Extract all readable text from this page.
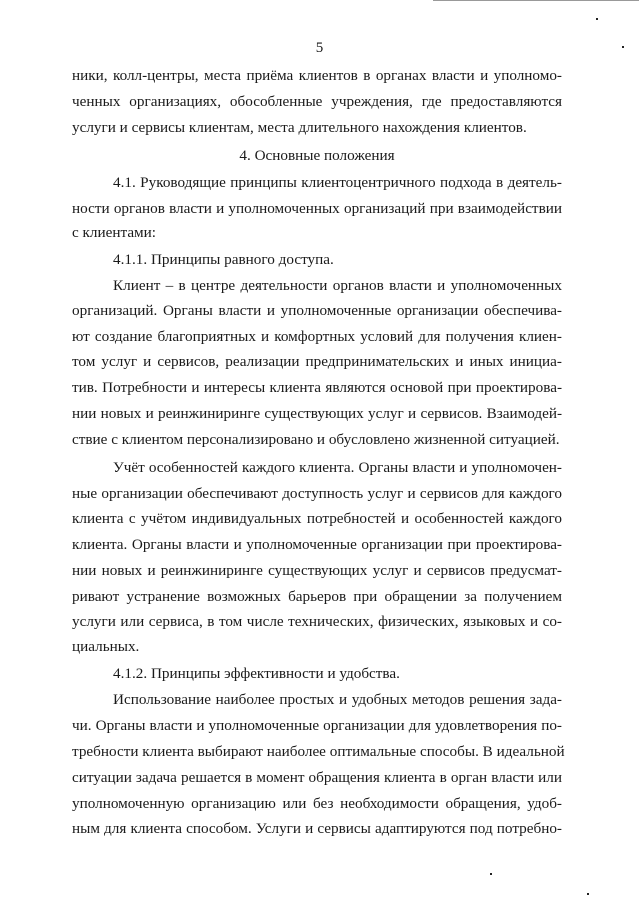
5
ники, колл-центры, места приёма клиентов в органах власти и уполномо-
ченных организациях, обособленные учреждения, где предоставляются
услуги и сервисы клиентам, места длительного нахождения клиентов.
4. Основные положения
4.1. Руководящие принципы клиентоцентричного подхода в деятель-
ности органов власти и уполномоченных организаций при взаимодействии
с клиентами:
4.1.1. Принципы равного доступа.
Клиент – в центре деятельности органов власти и уполномоченных
организаций. Органы власти и уполномоченные организации обеспечива-
ют создание благоприятных и комфортных условий для получения клиен-
том услуг и сервисов, реализации предпринимательских и иных инициа-
тив. Потребности и интересы клиента являются основой при проектирова-
нии новых и реинжиниринге существующих услуг и сервисов. Взаимодей-
ствие с клиентом персонализировано и обусловлено жизненной ситуацией.
Учёт особенностей каждого клиента. Органы власти и уполномочен-
ные организации обеспечивают доступность услуг и сервисов для каждого
клиента с учётом индивидуальных потребностей и особенностей каждого
клиента. Органы власти и уполномоченные организации при проектирова-
нии новых и реинжиниринге существующих услуг и сервисов предусмат-
ривают устранение возможных барьеров при обращении за получением
услуги или сервиса, в том числе технических, физических, языковых и со-
циальных.
4.1.2. Принципы эффективности и удобства.
Использование наиболее простых и удобных методов решения зада-
чи. Органы власти и уполномоченные организации для удовлетворения по-
требности клиента выбирают наиболее оптимальные способы. В идеальной
ситуации задача решается в момент обращения клиента в орган власти или
уполномоченную организацию или без необходимости обращения, удоб-
ным для клиента способом. Услуги и сервисы адаптируются под потребно-
